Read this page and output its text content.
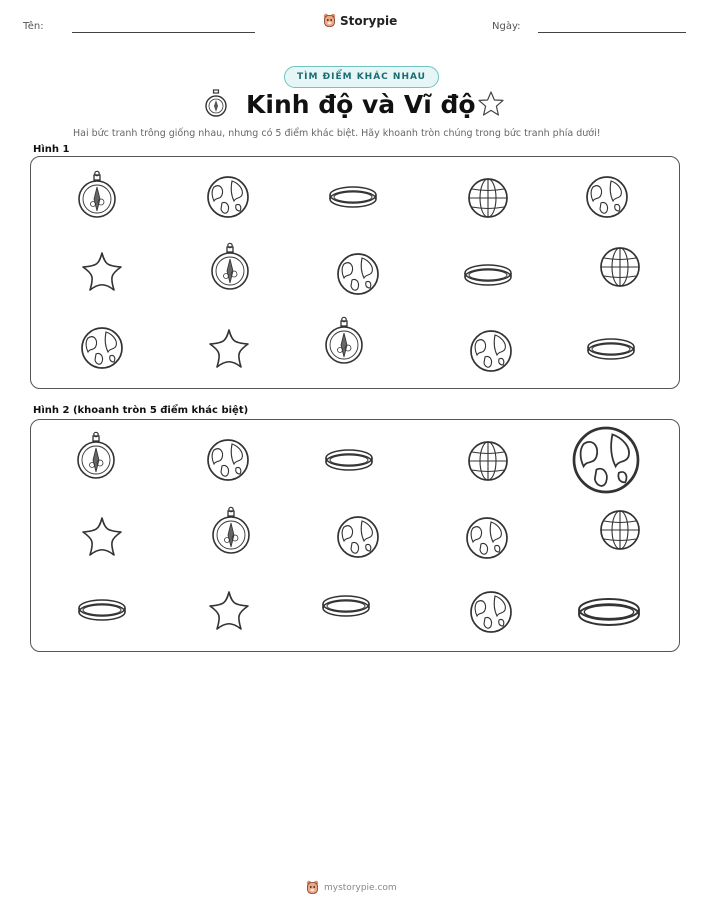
Tên:	Storypie	Ngày:
TÌM ĐIỂM KHÁC NHAU
Kinh độ và Vĩ độ
Hai bức tranh trông giống nhau, nhưng có 5 điểm khác biệt. Hãy khoanh tròn chúng trong bức tranh phía dưới!
Hình 1
Hình 2 (khoanh tròn 5 điểm khác biệt)
mystorypie.com
